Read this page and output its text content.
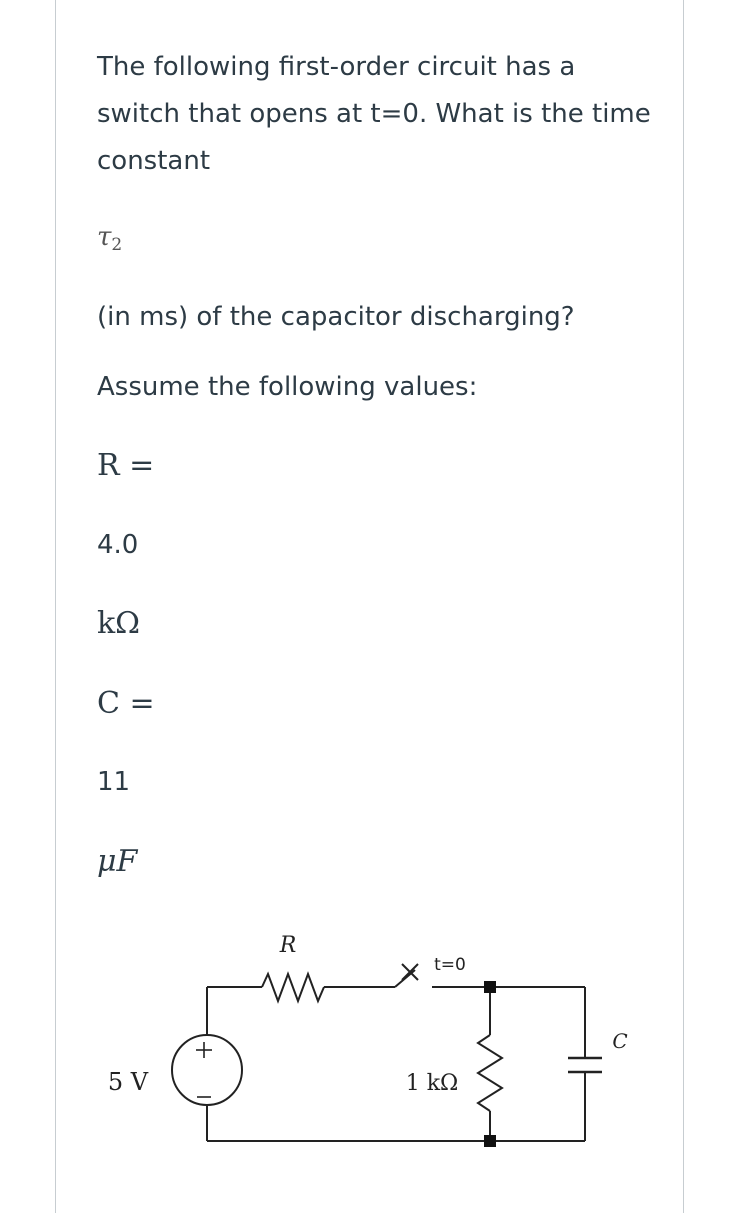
The following first-order circuit has a switch that opens at t=0. What is the time constant
$\tau_2$
(in ms) of the capacitor discharging?
Assume the following values:
R =
4.0
kΩ
C =
11
μF
R
t=0
5 V	1 kΩ
C
